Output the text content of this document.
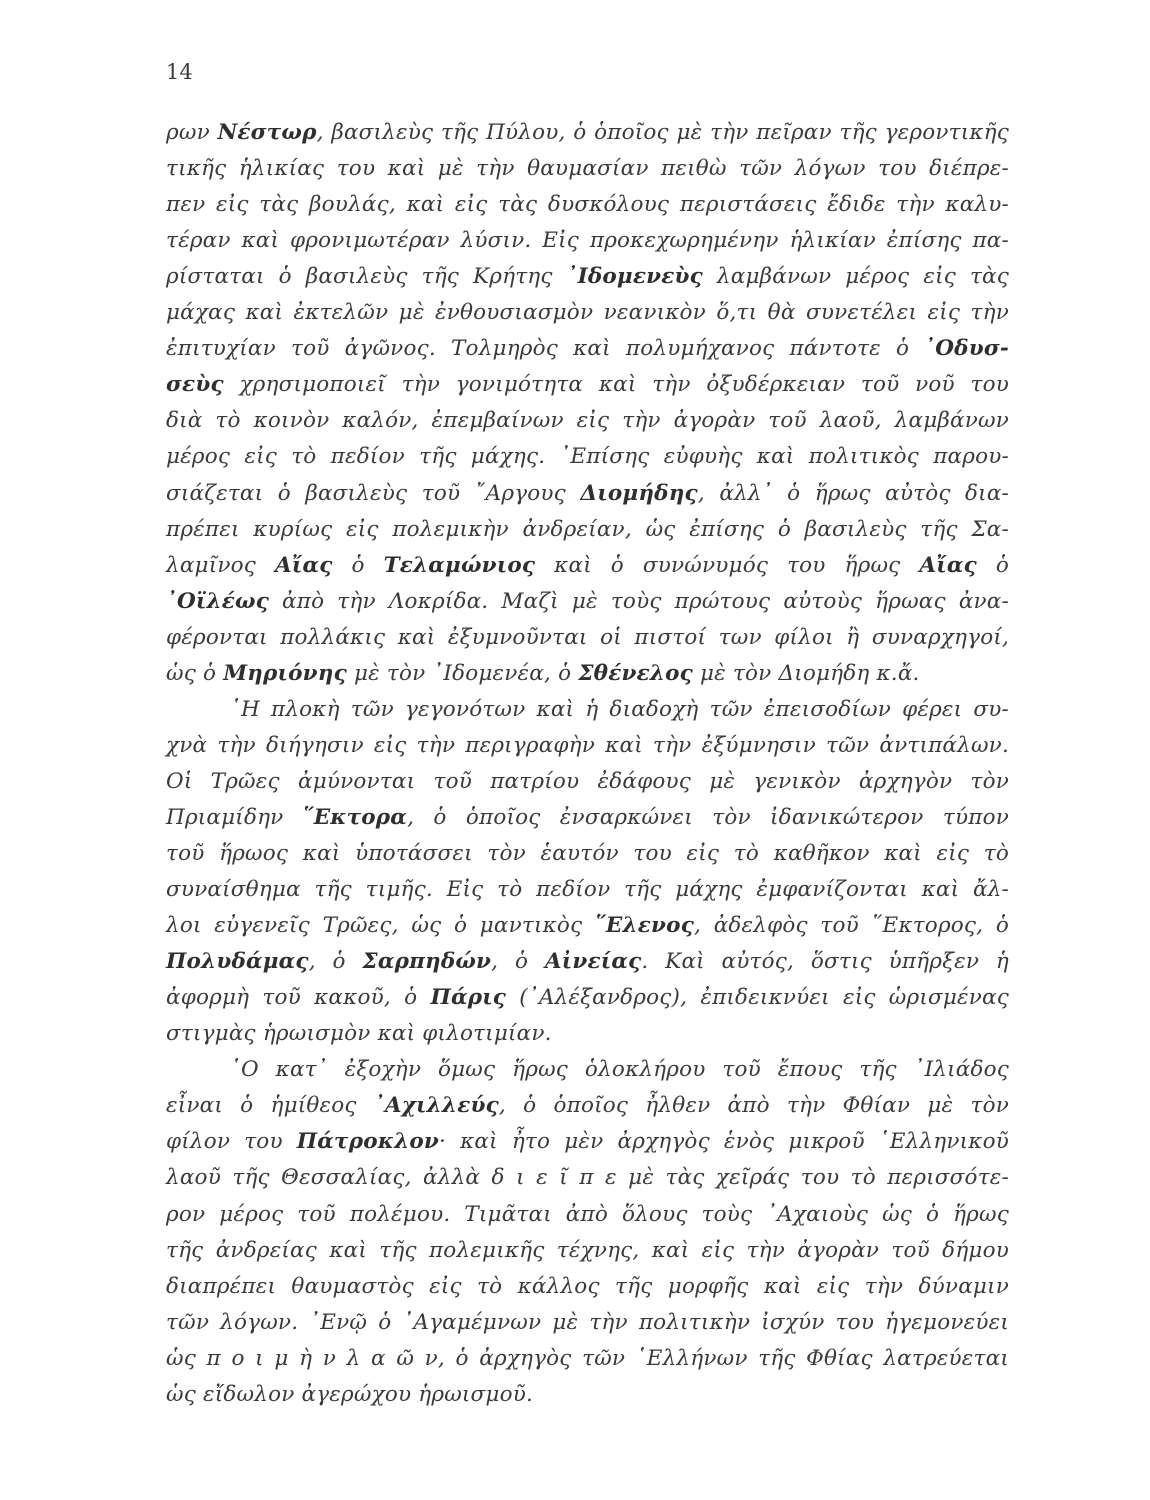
14
ρων Νέστωρ, βασιλεὺς τῆς Πύλου, ὁ ὁποῖος μὲ τὴν πεῖραν τῆς γεροντικῆς
τικῆς ἡλικίας του καὶ μὲ τὴν θαυμασίαν πειθὼ τῶν λόγων του διέπρε-
πεν εἰς τὰς βουλάς, καὶ εἰς τὰς δυσκόλους περιστάσεις ἔδιδε τὴν καλυ-
τέραν καὶ φρονιμωτέραν λύσιν. Εἰς προκεχωρημένην ἡλικίαν ἐπίσης πα-
ρίσταται ὁ βασιλεὺς τῆς Κρήτης ᾿Ιδομενεὺς λαμβάνων μέρος εἰς τὰς
μάχας καὶ ἐκτελῶν μὲ ἐνθουσιασμὸν νεανικὸν ὅ,τι θὰ συνετέλει εἰς τὴν
ἐπιτυχίαν τοῦ ἀγῶνος. Τολμηρὸς καὶ πολυμήχανος πάντοτε ὁ ᾿Οδυσ-
σεὺς χρησιμοποιεῖ τὴν γονιμότητα καὶ τὴν ὀξυδέρκειαν τοῦ νοῦ του
διὰ τὸ κοινὸν καλόν, ἐπεμβαίνων εἰς τὴν ἀγορὰν τοῦ λαοῦ, λαμβάνων
μέρος εἰς τὸ πεδίον τῆς μάχης. ᾿Επίσης εὐφυὴς καὶ πολιτικὸς παρου-
σιάζεται ὁ βασιλεὺς τοῦ ῎Αργους Διομήδης, ἀλλ᾿ ὁ ἥρως αὐτὸς δια-
πρέπει κυρίως εἰς πολεμικὴν ἀνδρείαν, ὡς ἐπίσης ὁ βασιλεὺς τῆς Σα-
λαμῖνος Αἴας ὁ Τελαμώνιος καὶ ὁ συνώνυμός του ἥρως Αἴας ὁ
᾿Οϊλέως ἀπὸ τὴν Λοκρίδα. Μαζὶ μὲ τοὺς πρώτους αὐτοὺς ἥρωας ἀνα-
φέρονται πολλάκις καὶ ἐξυμνοῦνται οἱ πιστοί των φίλοι ἢ συναρχηγοί,
ὡς ὁ Μηριόνης μὲ τὸν ᾿Ιδομενέα, ὁ Σθένελος μὲ τὸν Διομήδη κ.ἄ.
῾Η πλοκὴ τῶν γεγονότων καὶ ἡ διαδοχὴ τῶν ἐπεισοδίων φέρει συ-
χνὰ τὴν διήγησιν εἰς τὴν περιγραφὴν καὶ τὴν ἐξύμνησιν τῶν ἀντιπάλων.
Οἱ Τρῶες ἀμύνονται τοῦ πατρίου ἐδάφους μὲ γενικὸν ἀρχηγὸν τὸν
Πριαμίδην ῞Εκτορα, ὁ ὁποῖος ἐνσαρκώνει τὸν ἰδανικώτερον τύπον
τοῦ ἥρωος καὶ ὑποτάσσει τὸν ἑαυτόν του εἰς τὸ καθῆκον καὶ εἰς τὸ
συναίσθημα τῆς τιμῆς. Εἰς τὸ πεδίον τῆς μάχης ἐμφανίζονται καὶ ἄλ-
λοι εὐγενεῖς Τρῶες, ὡς ὁ μαντικὸς ῞Ελενος, ἀδελφὸς τοῦ ῞Εκτορος, ὁ
Πολυδάμας, ὁ Σαρπηδών, ὁ Αἰνείας. Καὶ αὐτός, ὅστις ὑπῆρξεν ἡ
ἀφορμὴ τοῦ κακοῦ, ὁ Πάρις (᾿Αλέξανδρος), ἐπιδεικνύει εἰς ὡρισμένας
στιγμὰς ἡρωισμὸν καὶ φιλοτιμίαν.
῾Ο κατ᾿ ἐξοχὴν ὅμως ἥρως ὁλοκλήρου τοῦ ἔπους τῆς ᾿Ιλιάδος
εἶναι ὁ ἡμίθεος ᾿Αχιλλεύς, ὁ ὁποῖος ἦλθεν ἀπὸ τὴν Φθίαν μὲ τὸν
φίλον του Πάτροκλον· καὶ ἦτο μὲν ἀρχηγὸς ἑνὸς μικροῦ ῾Ελληνικοῦ
λαοῦ τῆς Θεσσαλίας, ἀλλὰ δ ι ε ῖ π ε μὲ τὰς χεῖράς του τὸ περισσότε-
ρον μέρος τοῦ πολέμου. Τιμᾶται ἀπὸ ὅλους τοὺς ᾿Αχαιοὺς ὡς ὁ ἥρως
τῆς ἀνδρείας καὶ τῆς πολεμικῆς τέχνης, καὶ εἰς τὴν ἀγορὰν τοῦ δήμου
διαπρέπει θαυμαστὸς εἰς τὸ κάλλος τῆς μορφῆς καὶ εἰς τὴν δύναμιν
τῶν λόγων. ᾿Ενῷ ὁ ᾿Αγαμέμνων μὲ τὴν πολιτικὴν ἰσχύν του ἡγεμονεύει
ὡς π ο ι μ ὴ ν λ α ῶ ν, ὁ ἀρχηγὸς τῶν ῾Ελλήνων τῆς Φθίας λατρεύεται
ὡς εἴδωλον ἀγερώχου ἡρωισμοῦ.
